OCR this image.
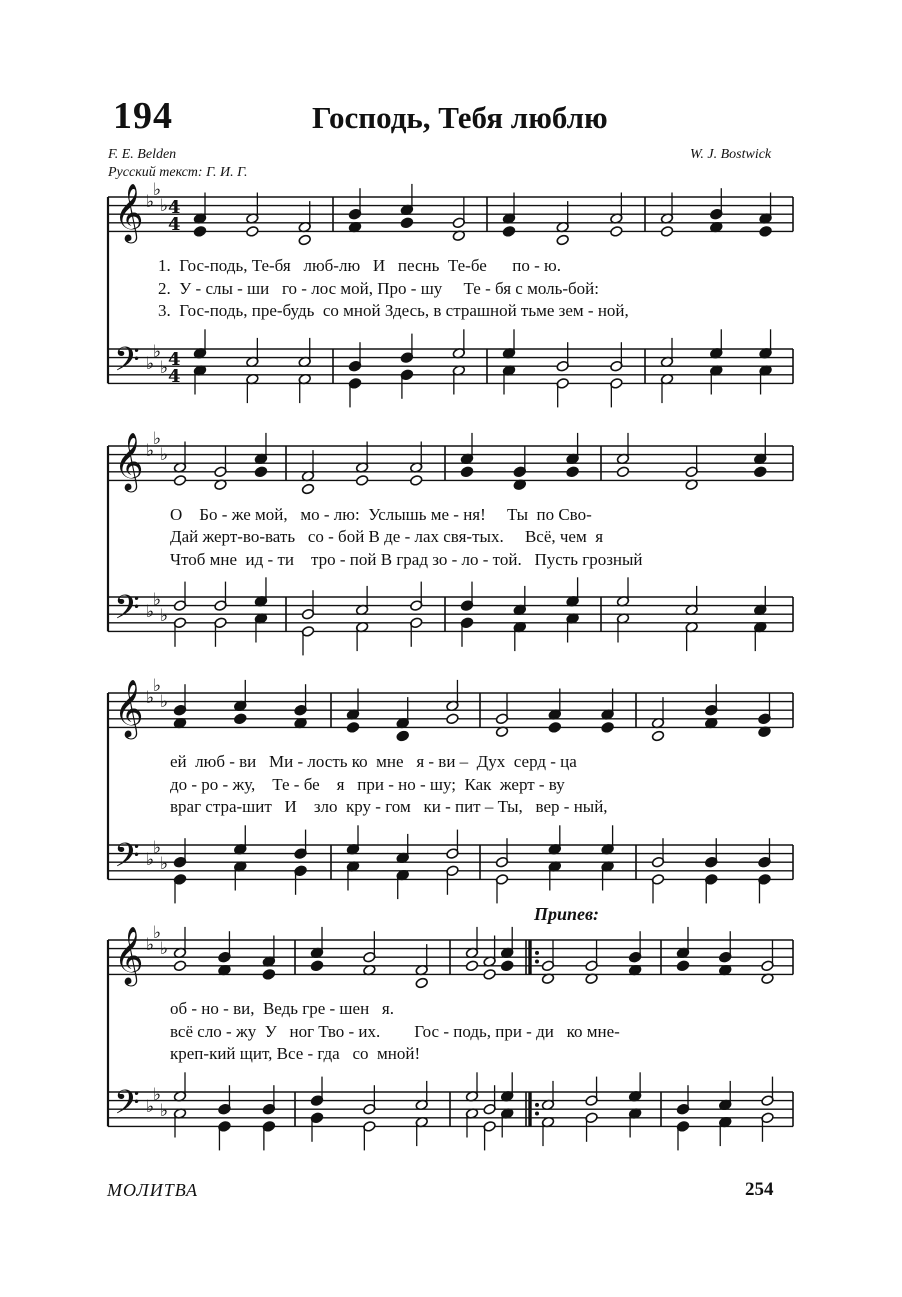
194	Господь, Тебя люблю
F. E. Belden
Русский текст: Г. И. Г.
W. J. Bostwick
𝄞
𝄢
♭
♭
♭
♭
♭
♭
4
4
4
4
𝄞
𝄢
♭
♭
♭
♭
♭
♭
𝄞
𝄢
♭
♭
♭
♭
♭
♭
𝄞
𝄢
♭
♭
♭
♭
♭
♭
1.  Гос-подь, Те-бя   люб-лю   И   песнь  Те-бе      по - ю.
2.  У - слы - ши   го - лос мой, Про - шу     Те - бя с моль-бой:
3.  Гос-подь, пре-будь  со мной Здесь, в страшной тьме зем - ной,
О    Бо - же мой,   мо - лю:  Услышь ме - ня!     Ты  по Сво-
Дай жерт-во-вать   со - бой В де - лах свя-тых.     Всё, чем  я
Чтоб мне  ид - ти    тро - пой В град зо - ло - той.   Пусть грозный
ей  люб - ви   Ми - лость ко  мне   я - ви –  Дух  серд - ца
до - ро - жу,    Те - бе    я   при - но - шу;  Как  жерт - ву
враг стра-шит   И    зло  кру - гом   ки - пит – Ты,   вер - ный,
Припев:
об - но - ви,  Ведь гре - шен   я.
всё сло - жу  У   ног Тво - их.        Гос - подь, при - ди   ко мне-
креп-кий щит, Все - гда   со  мной!
МОЛИТВА	254
